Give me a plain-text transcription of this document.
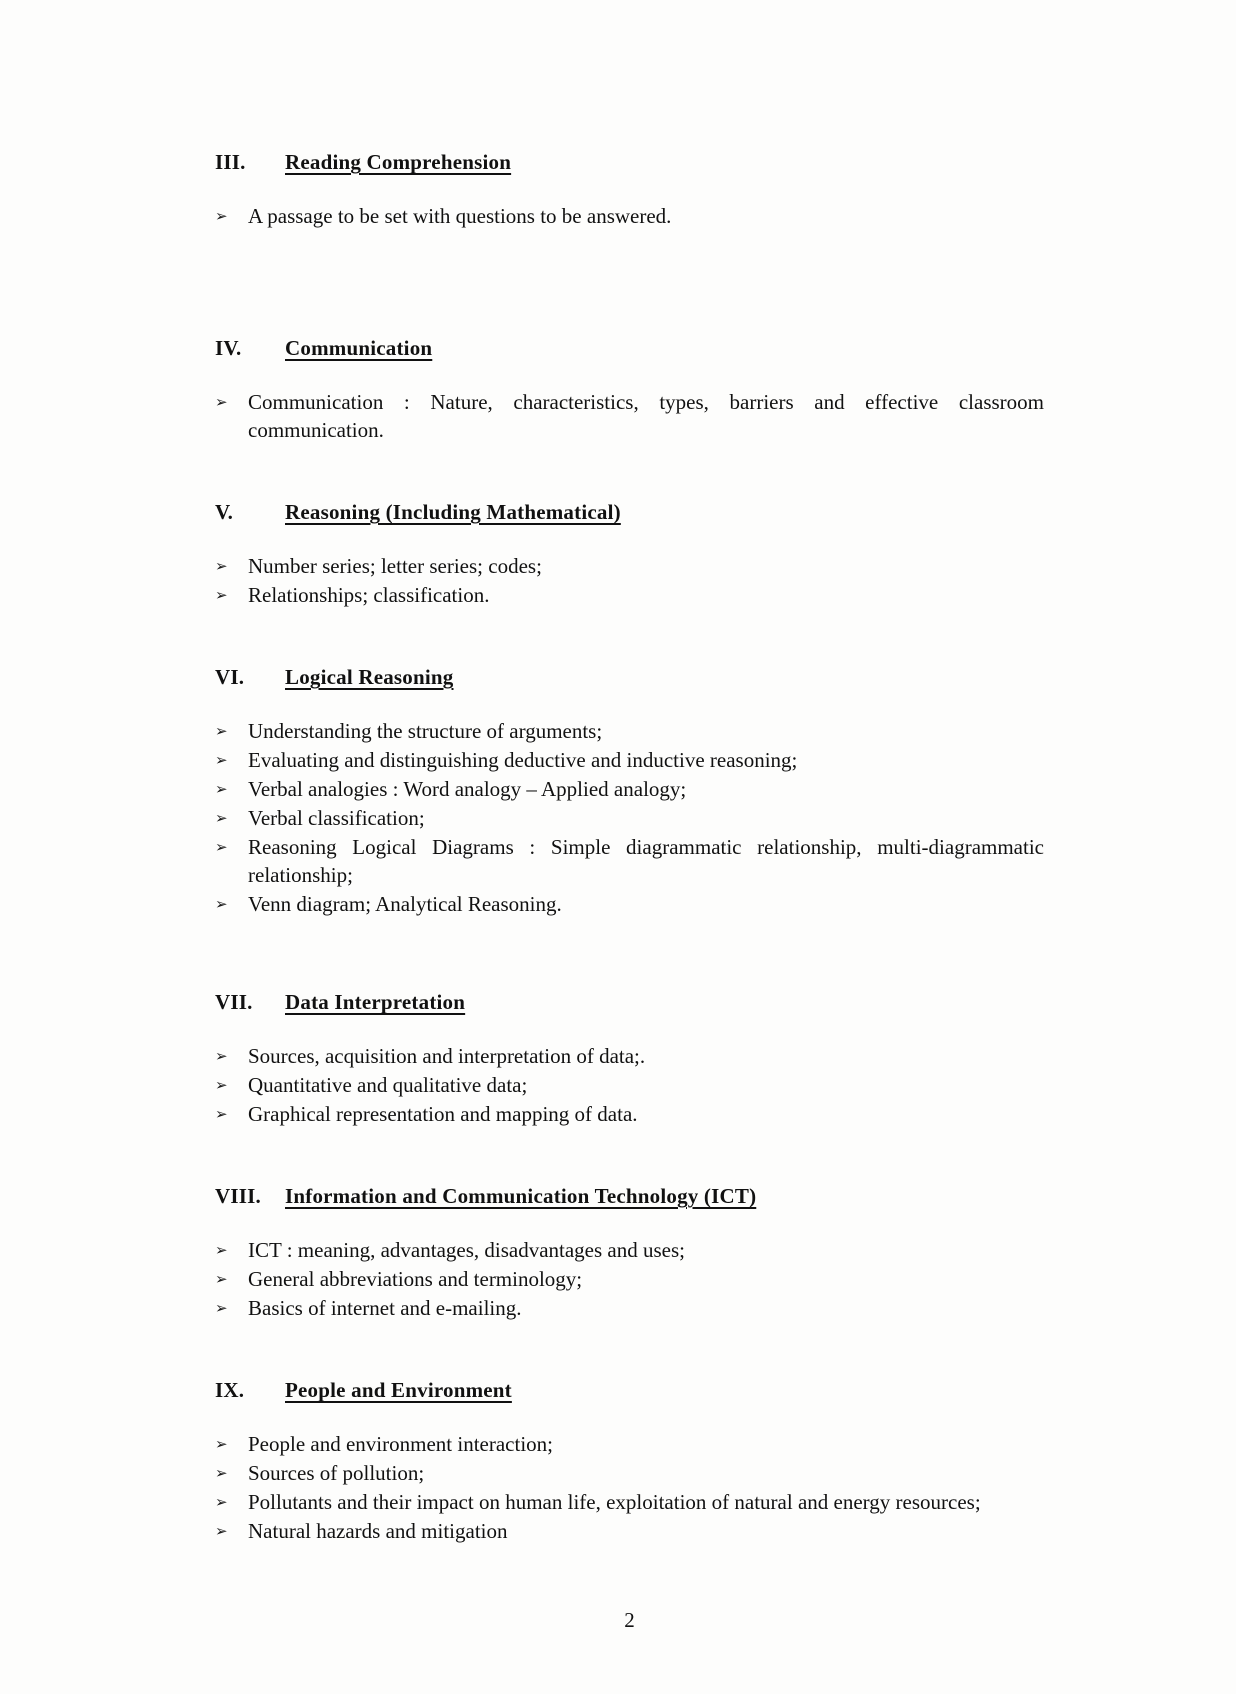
III.	Reading Comprehension
➢ A passage to be set with questions to be answered.
IV.	Communication
➢ Communication : Nature, characteristics, types, barriers and effective classroom communication.
V.	Reasoning (Including Mathematical)
➢ Number series; letter series; codes;
➢ Relationships; classification.
VI.	Logical Reasoning
➢ Understanding the structure of arguments;
➢ Evaluating and distinguishing deductive and inductive reasoning;
➢ Verbal analogies : Word analogy – Applied analogy;
➢ Verbal classification;
➢ Reasoning Logical Diagrams : Simple diagrammatic relationship, multi-diagrammatic relationship;
➢ Venn diagram; Analytical Reasoning.
VII.	Data Interpretation
➢ Sources, acquisition and interpretation of data;.
➢ Quantitative and qualitative data;
➢ Graphical representation and mapping of data.
VIII.	Information and Communication Technology (ICT)
➢ ICT : meaning, advantages, disadvantages and uses;
➢ General abbreviations and terminology;
➢ Basics of internet and e-mailing.
IX.	People and Environment
➢ People and environment interaction;
➢ Sources of pollution;
➢ Pollutants and their impact on human life, exploitation of natural and energy resources;
➢ Natural hazards and mitigation
2
